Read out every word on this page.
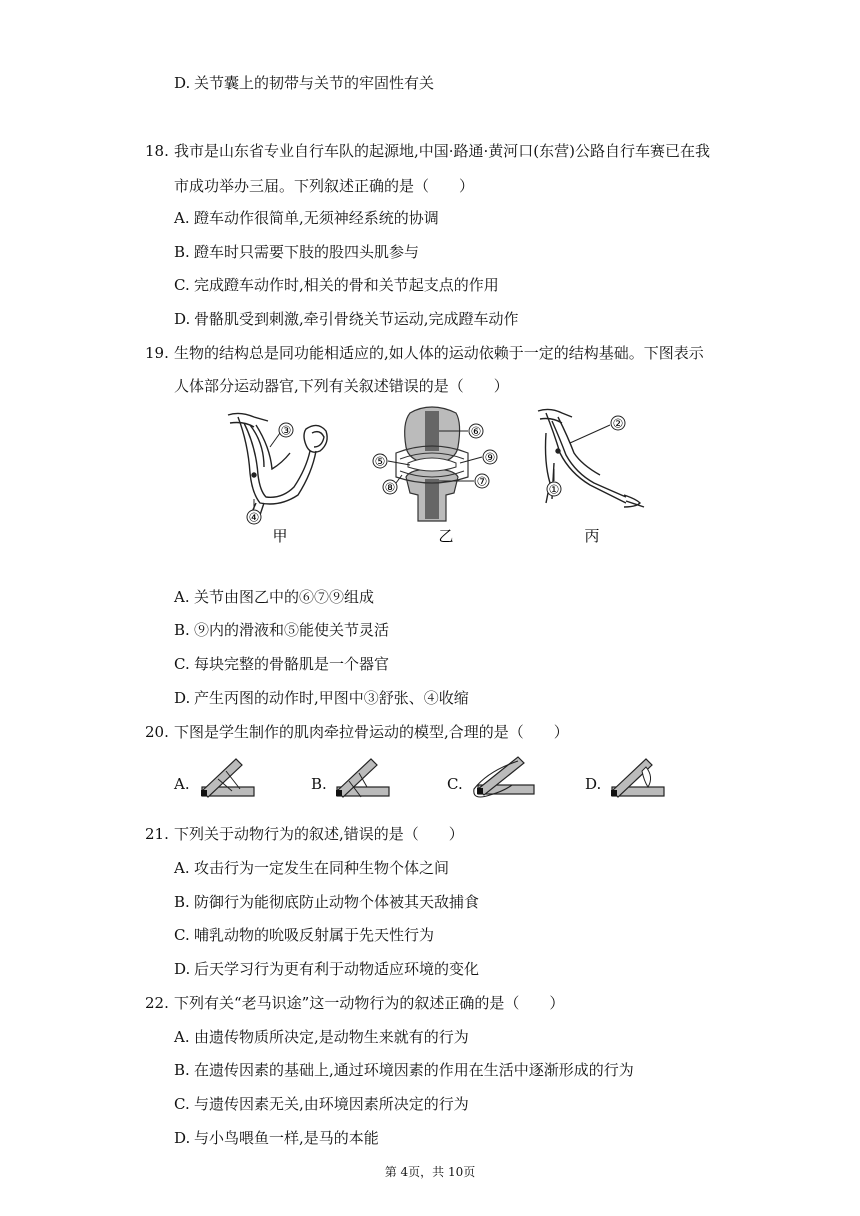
D. 关节囊上的韧带与关节的牢固性有关
18. 我市是山东省专业自行车队的起源地,中国·路通·黄河口(东营)公路自行车赛已在我
市成功举办三届。下列叙述正确的是（　　）
A. 蹬车动作很简单,无须神经系统的协调
B. 蹬车时只需要下肢的股四头肌参与
C. 完成蹬车动作时,相关的骨和关节起支点的作用
D. 骨骼肌受到刺激,牵引骨绕关节运动,完成蹬车动作
19. 生物的结构总是同功能相适应的,如人体的运动依赖于一定的结构基础。下图表示
人体部分运动器官,下列有关叙述错误的是（　　）
③
④
甲
⑥
⑨
⑦
⑤
⑧
乙
②
①
丙
A. 关节由图乙中的⑥⑦⑨组成
B. ⑨内的滑液和⑤能使关节灵活
C. 每块完整的骨骼肌是一个器官
D. 产生丙图的动作时,甲图中③舒张、④收缩
20. 下图是学生制作的肌肉牵拉骨运动的模型,合理的是（　　）
A.	B.	C.	D.
21. 下列关于动物行为的叙述,错误的是（　　）
A. 攻击行为一定发生在同种生物个体之间
B. 防御行为能彻底防止动物个体被其天敌捕食
C. 哺乳动物的吮吸反射属于先天性行为
D. 后天学习行为更有利于动物适应环境的变化
22. 下列有关“老马识途”这一动物行为的叙述正确的是（　　）
A. 由遗传物质所决定,是动物生来就有的行为
B. 在遗传因素的基础上,通过环境因素的作用在生活中逐渐形成的行为
C. 与遗传因素无关,由环境因素所决定的行为
D. 与小鸟喂鱼一样,是马的本能
第 4页，共 10页
